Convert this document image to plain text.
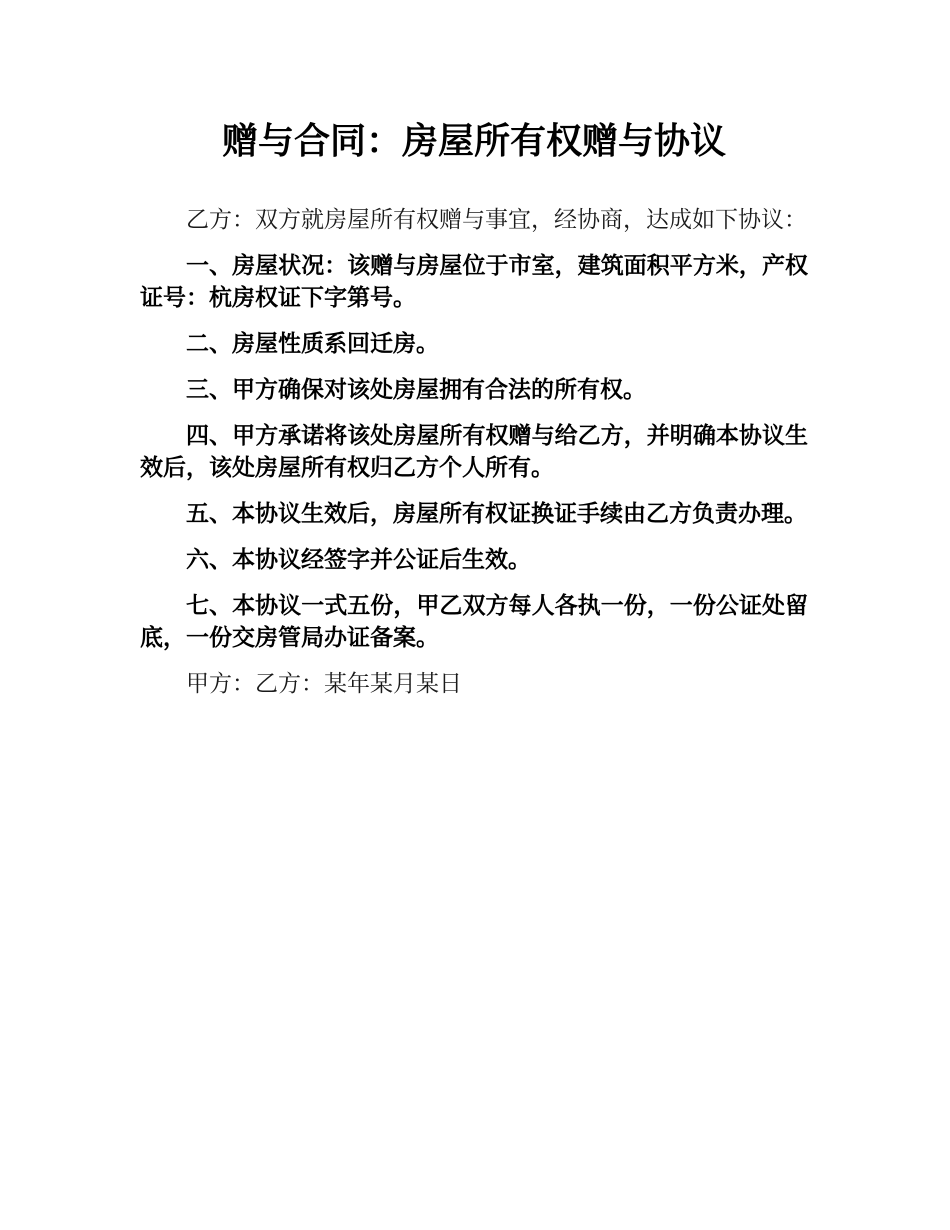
赠与合同：房屋所有权赠与协议

乙方：双方就房屋所有权赠与事宜，经协商，达成如下协议：

一、房屋状况：该赠与房屋位于市室，建筑面积平方米，产权证号：杭房权证下字第号。

二、房屋性质系回迁房。

三、甲方确保对该处房屋拥有合法的所有权。

四、甲方承诺将该处房屋所有权赠与给乙方，并明确本协议生效后，该处房屋所有权归乙方个人所有。

五、本协议生效后，房屋所有权证换证手续由乙方负责办理。

六、本协议经签字并公证后生效。

七、本协议一式五份，甲乙双方每人各执一份，一份公证处留底，一份交房管局办证备案。

甲方：乙方：某年某月某日
